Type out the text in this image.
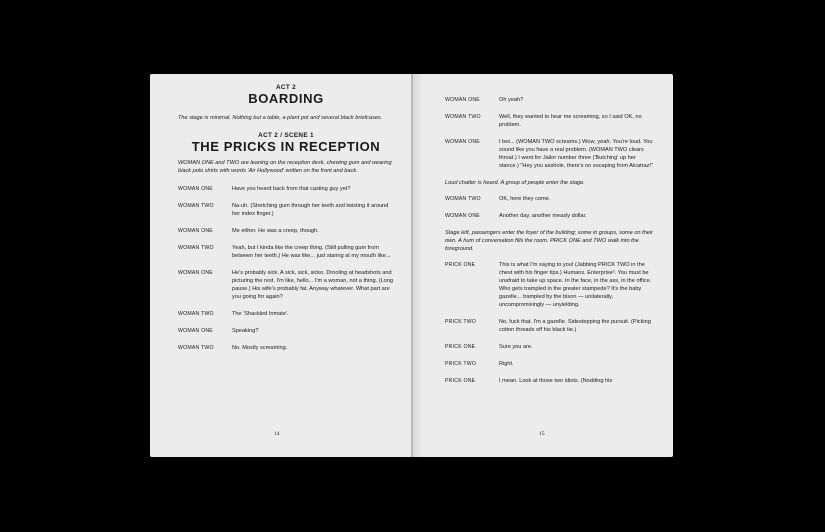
ACT 2
BOARDING
The stage is minimal. Nothing but a table, a plant pot and several black briefcases.
ACT 2 / SCENE 1
THE PRICKS IN RECEPTION
WOMAN ONE and TWO are leaning on the reception desk, chewing gum and wearing black polo shirts with words 'Air Hollywood' written on the front and back.
WOMAN ONE	Have you heard back from that casting guy yet?
WOMAN TWO	Na-uh. (Stretching gum through her teeth and twisting it around her index finger.)
WOMAN ONE	Me either. He was a creep, though.
WOMAN TWO	Yeah, but I kinda like the creep thing. (Still pulling gum from between her teeth.) He was like... just staring at my mouth like...
WOMAN ONE	He's probably sick. A sick, sick, sicko. Drooling at headshots and picturing the rest. I'm like, hello... I'm a woman, not a thing. (Long pause.) His wife's probably fat. Anyway whatever. What part are you going for again?
WOMAN TWO	The 'Shackled Inmate'.
WOMAN ONE	Speaking?
WOMAN TWO	No. Mostly screaming.
14
WOMAN ONE	Oh yeah?
WOMAN TWO	Well, they wanted to hear me screaming, so I said OK, no problem.
WOMAN ONE	I bet... (WOMAN TWO screams.) Wow, yeah. You're loud. You sound like you have a real problem. (WOMAN TWO clears throat.) I went for Jailor number three ('Butching' up her stance.) "Hey you asshole, there's no escaping from Alcatraz!"
Loud chatter is heard. A group of people enter the stage.
WOMAN TWO	OK, here they come.
WOMAN ONE	Another day, another measly dollar.
Stage left, passengers enter the foyer of the building; some in groups, some on their own. A hum of conversation fills the room. PRICK ONE and TWO walk into the foreground.
PRICK ONE	This is what I'm saying to you! (Jabbing PRICK TWO in the chest with his finger tips.) Humans. Enterprise². You must be unafraid to take up space. In the face, in the ass, in the office. Who gets trampled in the greater stampede? It's the baby gazelle... trampled by the bison — unilaterally, uncompromisingly — unyielding.
PRICK TWO	No, fuck that. I'm a gazelle. Sidestepping the pursuit. (Picking cotton threads off his black tie.)
PRICK ONE	Sure you are.
PRICK TWO	Right.
PRICK ONE	I mean. Look at those two idiots. (Nodding his
15
